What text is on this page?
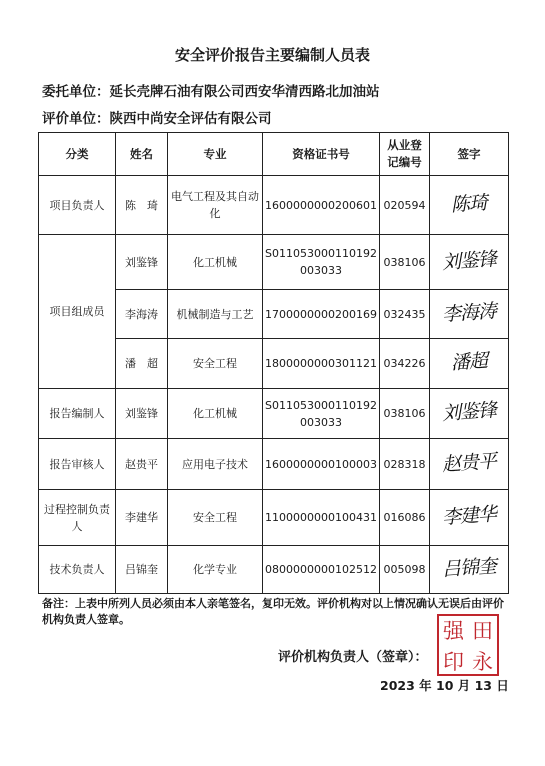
安全评价报告主要编制人员表
委托单位：延长壳牌石油有限公司西安华清西路北加油站
评价单位：陕西中尚安全评估有限公司
分类	姓名	专业	资格证书号	从业登记编号	签字
项目负责人	陈　琦	电气工程及其自动化	1600000000200601	020594	陈琦
项目组成员	刘鉴锋	化工机械	S011053000110192003033	038106	刘鉴锋
	李海涛	机械制造与工艺	1700000000200169	032435	李海涛
	潘　超	安全工程	1800000000301121	034226	潘超
报告编制人	刘鉴锋	化工机械	S011053000110192003033	038106	刘鉴锋
报告审核人	赵贵平	应用电子技术	1600000000100003	028318	赵贵平
过程控制负责人	李建华	安全工程	1100000000100431	016086	李建华
技术负责人	吕锦奎	化学专业	0800000000102512	005098	吕锦奎
备注：上表中所列人员必须由本人亲笔签名，复印无效。评价机构对以上情况确认无误后由评价机构负责人签章。
评价机构负责人（签章）：
强 田
印 永
2023 年 10 月 13 日
